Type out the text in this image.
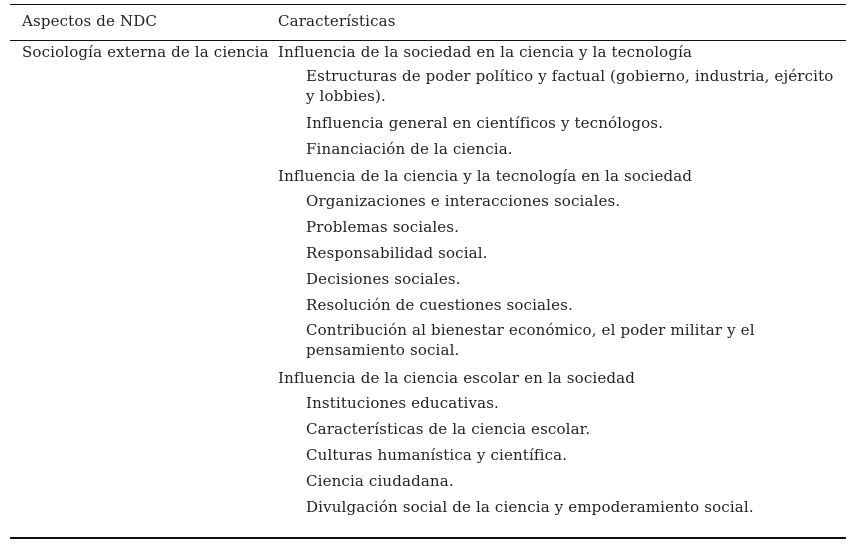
Aspectos de NDC	Características
Sociología externa de la ciencia Influencia de la sociedad en la ciencia y la tecnología
Estructuras de poder político y factual (gobierno, industria, ejército y lobbies).
Influencia general en científicos y tecnólogos.
Financiación de la ciencia.
Influencia de la ciencia y la tecnología en la sociedad
Organizaciones e interacciones sociales.
Problemas sociales.
Responsabilidad social.
Decisiones sociales.
Resolución de cuestiones sociales.
Contribución al bienestar económico, el poder militar y el pensamiento social.
Influencia de la ciencia escolar en la sociedad
Instituciones educativas.
Características de la ciencia escolar.
Culturas humanística y científica.
Ciencia ciudadana.
Divulgación social de la ciencia y empoderamiento social.
